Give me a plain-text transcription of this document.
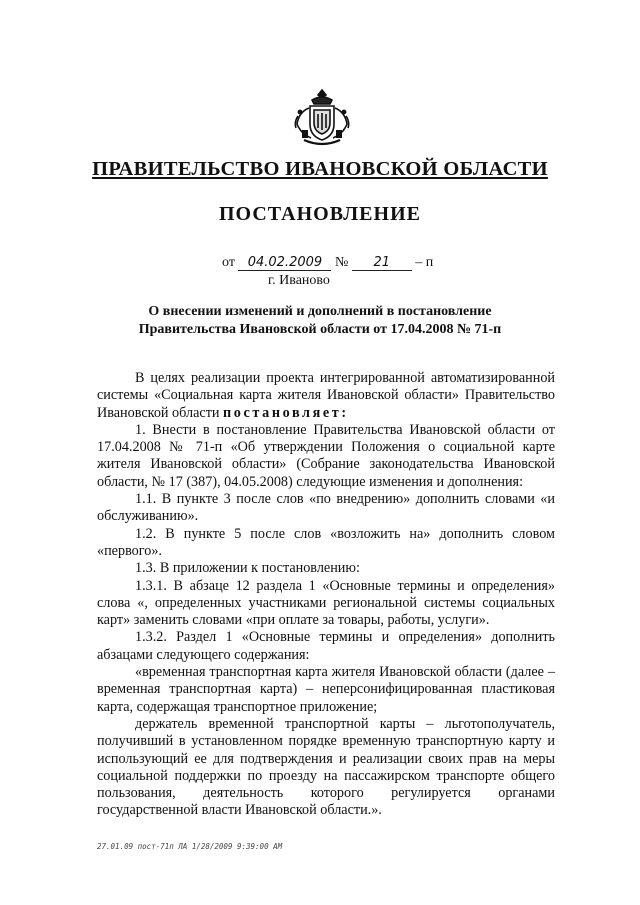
ПРАВИТЕЛЬСТВО ИВАНОВСКОЙ ОБЛАСТИ
ПОСТАНОВЛЕНИЕ
от 04.02.2009 № 21 – п
г. Иваново
О внесении изменений и дополнений в постановление
Правительства Ивановской области от 17.04.2008 № 71-п

В целях реализации проекта интегрированной автоматизированной системы «Социальная карта жителя Ивановской области» Правительство Ивановской области постановляет:

1. Внести в постановление Правительства Ивановской области от 17.04.2008 № 71-п «Об утверждении Положения о социальной карте жителя Ивановской области» (Собрание законодательства Ивановской области, № 17 (387), 04.05.2008) следующие изменения и дополнения:

1.1. В пункте 3 после слов «по внедрению» дополнить словами «и обслуживанию».

1.2. В пункте 5 после слов «возложить на» дополнить словом «первого».

1.3. В приложении к постановлению:

1.3.1. В абзаце 12 раздела 1 «Основные термины и определения» слова «, определенных участниками региональной системы социальных карт» заменить словами «при оплате за товары, работы, услуги».

1.3.2. Раздел 1 «Основные термины и определения» дополнить абзацами следующего содержания:

«временная транспортная карта жителя Ивановской области (далее – временная транспортная карта) – неперсонифицированная пластиковая карта, содержащая транспортное приложение;

держатель временной транспортной карты – льготополучатель, получивший в установленном порядке временную транспортную карту и использующий ее для подтверждения и реализации своих прав на меры социальной поддержки по проезду на пассажирском транспорте общего пользования, деятельность которого регулируется органами государственной власти Ивановской области.».

27.01.09 пост-71п ЛА 1/28/2009 9:39:00 AM
